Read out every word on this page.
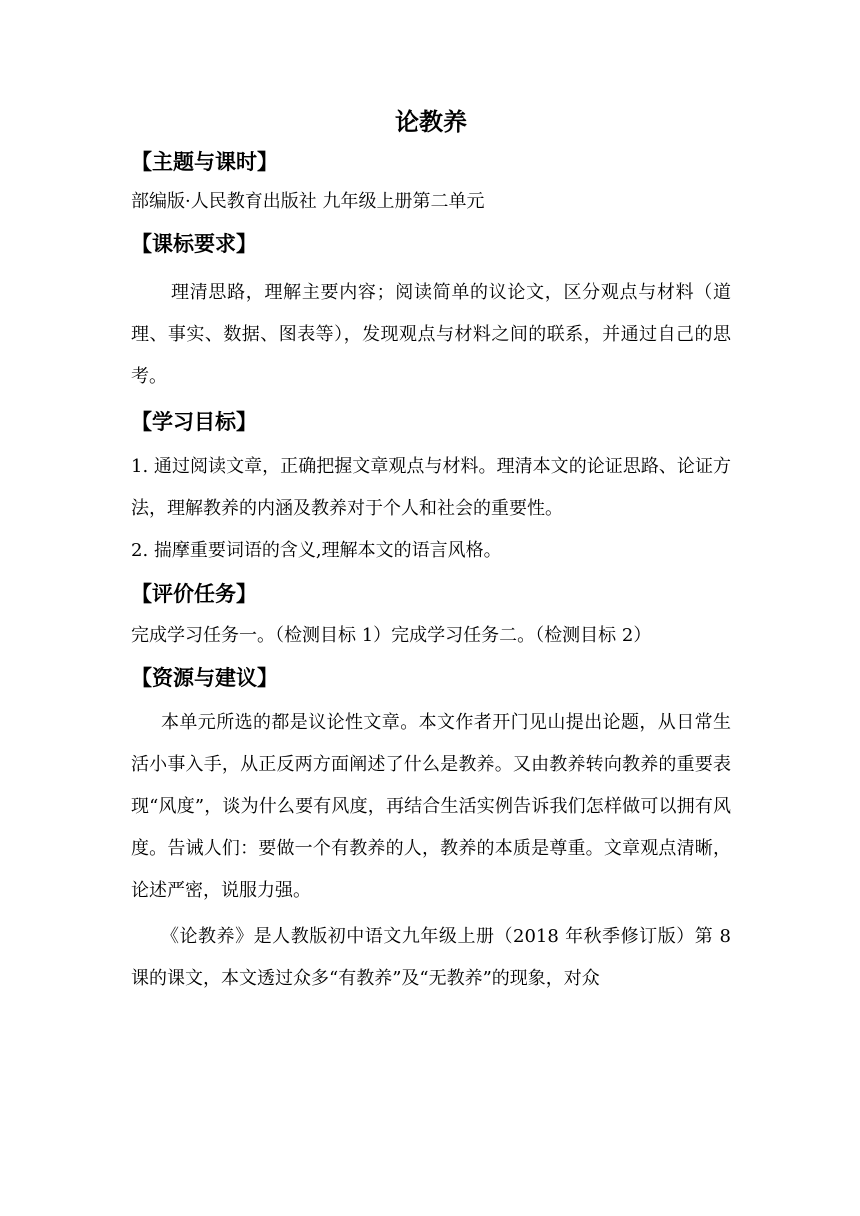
论教养
【主题与课时】

部编版·人民教育出版社 九年级上册第二单元

【课标要求】

理清思路，理解主要内容；阅读简单的议论文，区分观点与材料（道理、事实、数据、图表等），发现观点与材料之间的联系，并通过自己的思考。

【学习目标】

1. 通过阅读文章，正确把握文章观点与材料。理清本文的论证思路、论证方法，理解教养的内涵及教养对于个人和社会的重要性。

2. 揣摩重要词语的含义,理解本文的语言风格。

【评价任务】

完成学习任务一。（检测目标 1）完成学习任务二。（检测目标 2）

【资源与建议】

本单元所选的都是议论性文章。本文作者开门见山提出论题，从日常生活小事入手，从正反两方面阐述了什么是教养。又由教养转向教养的重要表现“风度”，谈为什么要有风度，再结合生活实例告诉我们怎样做可以拥有风度。告诫人们：要做一个有教养的人，教养的本质是尊重。文章观点清晰，论述严密，说服力强。

《论教养》是人教版初中语文九年级上册（2018 年秋季修订版）第 8 课的课文，本文透过众多“有教养”及“无教养”的现象，对众
